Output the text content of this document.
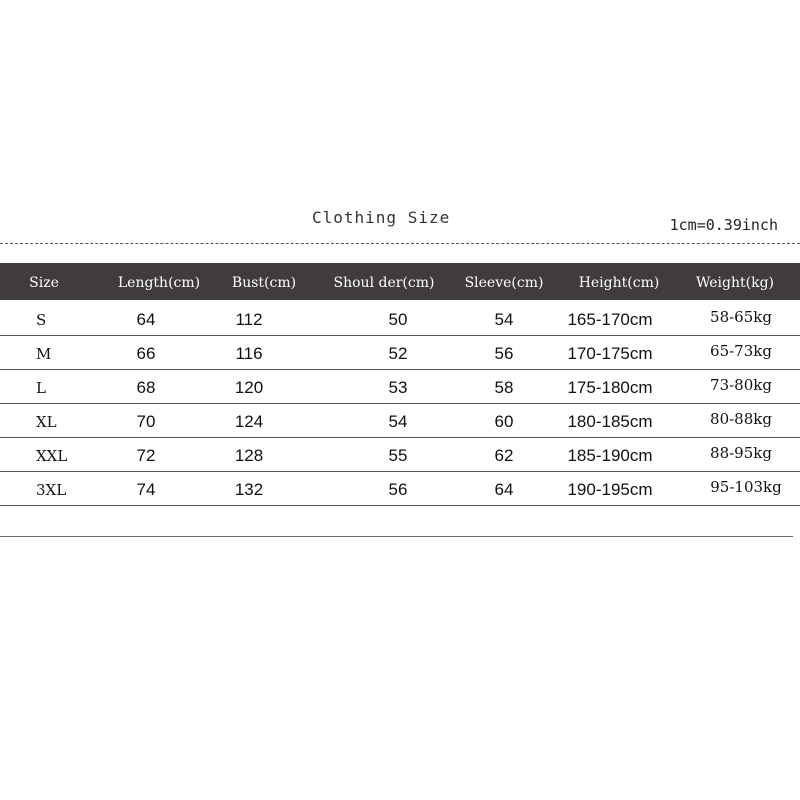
Clothing Size	1cm=0.39inch
Size	Length(cm) Bust(cm)	Shoul der(cm) Sleeve(cm)	Height(cm)	Weight(kg)
S	64	112	50	54	165-170cm	58-65kg
M	66	116	52	56	170-175cm	65-73kg
L	68	120	53	58	175-180cm	73-80kg
XL	70	124	54	60	180-185cm	80-88kg
XXL	72	128	55	62	185-190cm	88-95kg
3XL	74	132	56	64	190-195cm	95-103kg
